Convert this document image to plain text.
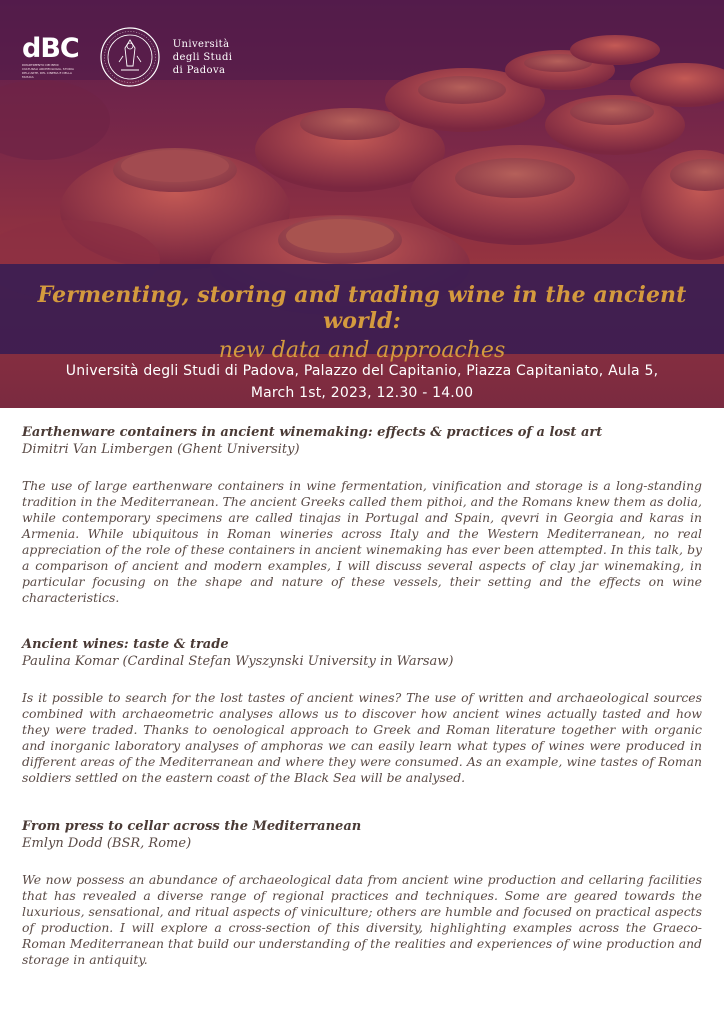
dBC
DIPARTIMENTO DEI BENI CULTURALI ARCHEOLOGIA, STORIA DELL'ARTE, DEL CINEMA E DELLA MUSICA
Università
degli Studi
di Padova
Fermenting, storing and trading wine in the ancient world:
new data and approaches
Università degli Studi di Padova, Palazzo del Capitanio, Piazza Capitaniato, Aula 5,
March 1st, 2023, 12.30 - 14.00
Earthenware containers in ancient winemaking: effects & practices of a lost art
Dimitri Van Limbergen (Ghent University)

The use of large earthenware containers in wine fermentation, vinification and storage is a long-standing tradition in the Mediterranean. The ancient Greeks called them pithoi, and the Romans knew them as dolia, while contemporary specimens are called tinajas in Portugal and Spain, qvevri in Georgia and karas in Armenia. While ubiquitous in Roman wineries across Italy and the Western Mediterranean, no real appreciation of the role of these containers in ancient winemaking has ever been attempted. In this talk, by a comparison of ancient and modern examples, I will discuss several aspects of clay jar winemaking, in particular focusing on the shape and nature of these vessels, their setting and the effects on wine characteristics.

Ancient wines: taste & trade
Paulina Komar (Cardinal Stefan Wyszynski University in Warsaw)

Is it possible to search for the lost tastes of ancient wines? The use of written and archaeological sources combined with archaeometric analyses allows us to discover how ancient wines actually tasted and how they were traded. Thanks to oenological approach to Greek and Roman literature together with organic and inorganic laboratory analyses of amphoras we can easily learn what types of wines were produced in different areas of the Mediterranean and where they were consumed. As an example, wine tastes of Roman soldiers settled on the eastern coast of the Black Sea will be analysed.

From press to cellar across the Mediterranean
Emlyn Dodd (BSR, Rome)

We now possess an abundance of archaeological data from ancient wine production and cellaring facilities that has revealed a diverse range of regional practices and techniques. Some are geared towards the luxurious, sensational, and ritual aspects of viniculture; others are humble and focused on practical aspects of production. I will explore a cross-section of this diversity, highlighting examples across the Graeco-Roman Mediterranean that build our understanding of the realities and experiences of wine production and storage in antiquity.
